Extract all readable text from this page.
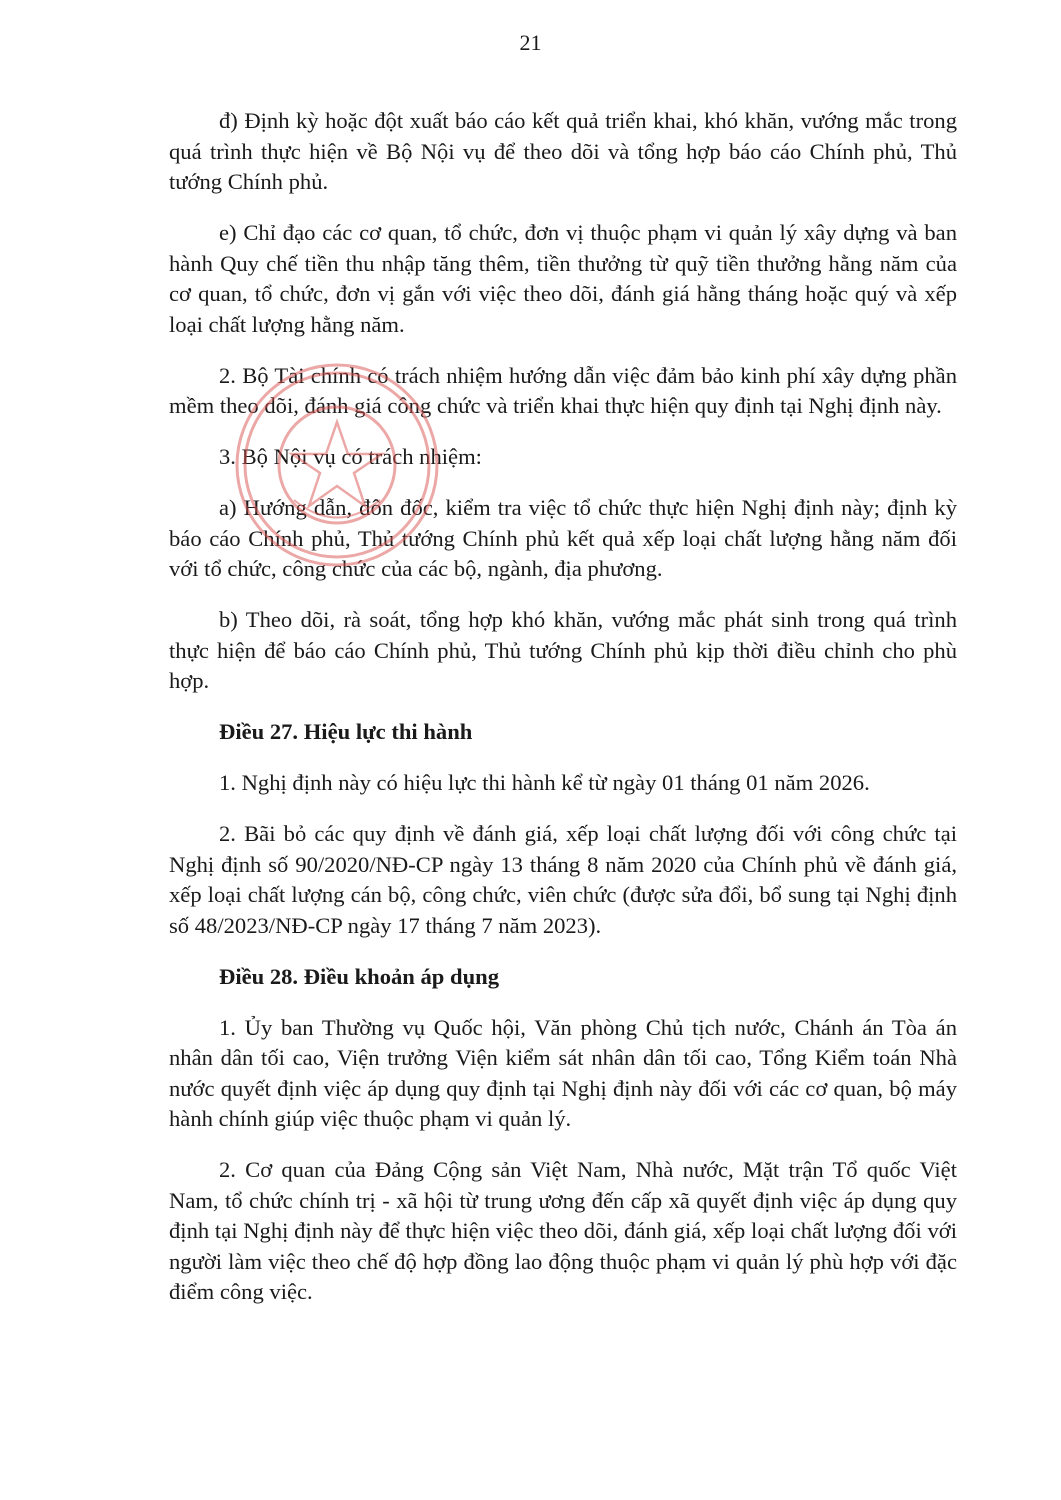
21

đ) Định kỳ hoặc đột xuất báo cáo kết quả triển khai, khó khăn, vướng mắc trong quá trình thực hiện về Bộ Nội vụ để theo dõi và tổng hợp báo cáo Chính phủ, Thủ tướng Chính phủ.

e) Chỉ đạo các cơ quan, tổ chức, đơn vị thuộc phạm vi quản lý xây dựng và ban hành Quy chế tiền thu nhập tăng thêm, tiền thưởng từ quỹ tiền thưởng hằng năm của cơ quan, tổ chức, đơn vị gắn với việc theo dõi, đánh giá hằng tháng hoặc quý và xếp loại chất lượng hằng năm.

2. Bộ Tài chính có trách nhiệm hướng dẫn việc đảm bảo kinh phí xây dựng phần mềm theo dõi, đánh giá công chức và triển khai thực hiện quy định tại Nghị định này.

3. Bộ Nội vụ có trách nhiệm:

a) Hướng dẫn, đôn đốc, kiểm tra việc tổ chức thực hiện Nghị định này; định kỳ báo cáo Chính phủ, Thủ tướng Chính phủ kết quả xếp loại chất lượng hằng năm đối với tổ chức, công chức của các bộ, ngành, địa phương.

b) Theo dõi, rà soát, tổng hợp khó khăn, vướng mắc phát sinh trong quá trình thực hiện để báo cáo Chính phủ, Thủ tướng Chính phủ kịp thời điều chỉnh cho phù hợp.

Điều 27. Hiệu lực thi hành

1. Nghị định này có hiệu lực thi hành kể từ ngày 01 tháng 01 năm 2026.

2. Bãi bỏ các quy định về đánh giá, xếp loại chất lượng đối với công chức tại Nghị định số 90/2020/NĐ-CP ngày 13 tháng 8 năm 2020 của Chính phủ về đánh giá, xếp loại chất lượng cán bộ, công chức, viên chức (được sửa đổi, bổ sung tại Nghị định số 48/2023/NĐ-CP ngày 17 tháng 7 năm 2023).

Điều 28. Điều khoản áp dụng

1. Ủy ban Thường vụ Quốc hội, Văn phòng Chủ tịch nước, Chánh án Tòa án nhân dân tối cao, Viện trưởng Viện kiểm sát nhân dân tối cao, Tổng Kiểm toán Nhà nước quyết định việc áp dụng quy định tại Nghị định này đối với các cơ quan, bộ máy hành chính giúp việc thuộc phạm vi quản lý.

2. Cơ quan của Đảng Cộng sản Việt Nam, Nhà nước, Mặt trận Tổ quốc Việt Nam, tổ chức chính trị - xã hội từ trung ương đến cấp xã quyết định việc áp dụng quy định tại Nghị định này để thực hiện việc theo dõi, đánh giá, xếp loại chất lượng đối với người làm việc theo chế độ hợp đồng lao động thuộc phạm vi quản lý phù hợp với đặc điểm công việc.
